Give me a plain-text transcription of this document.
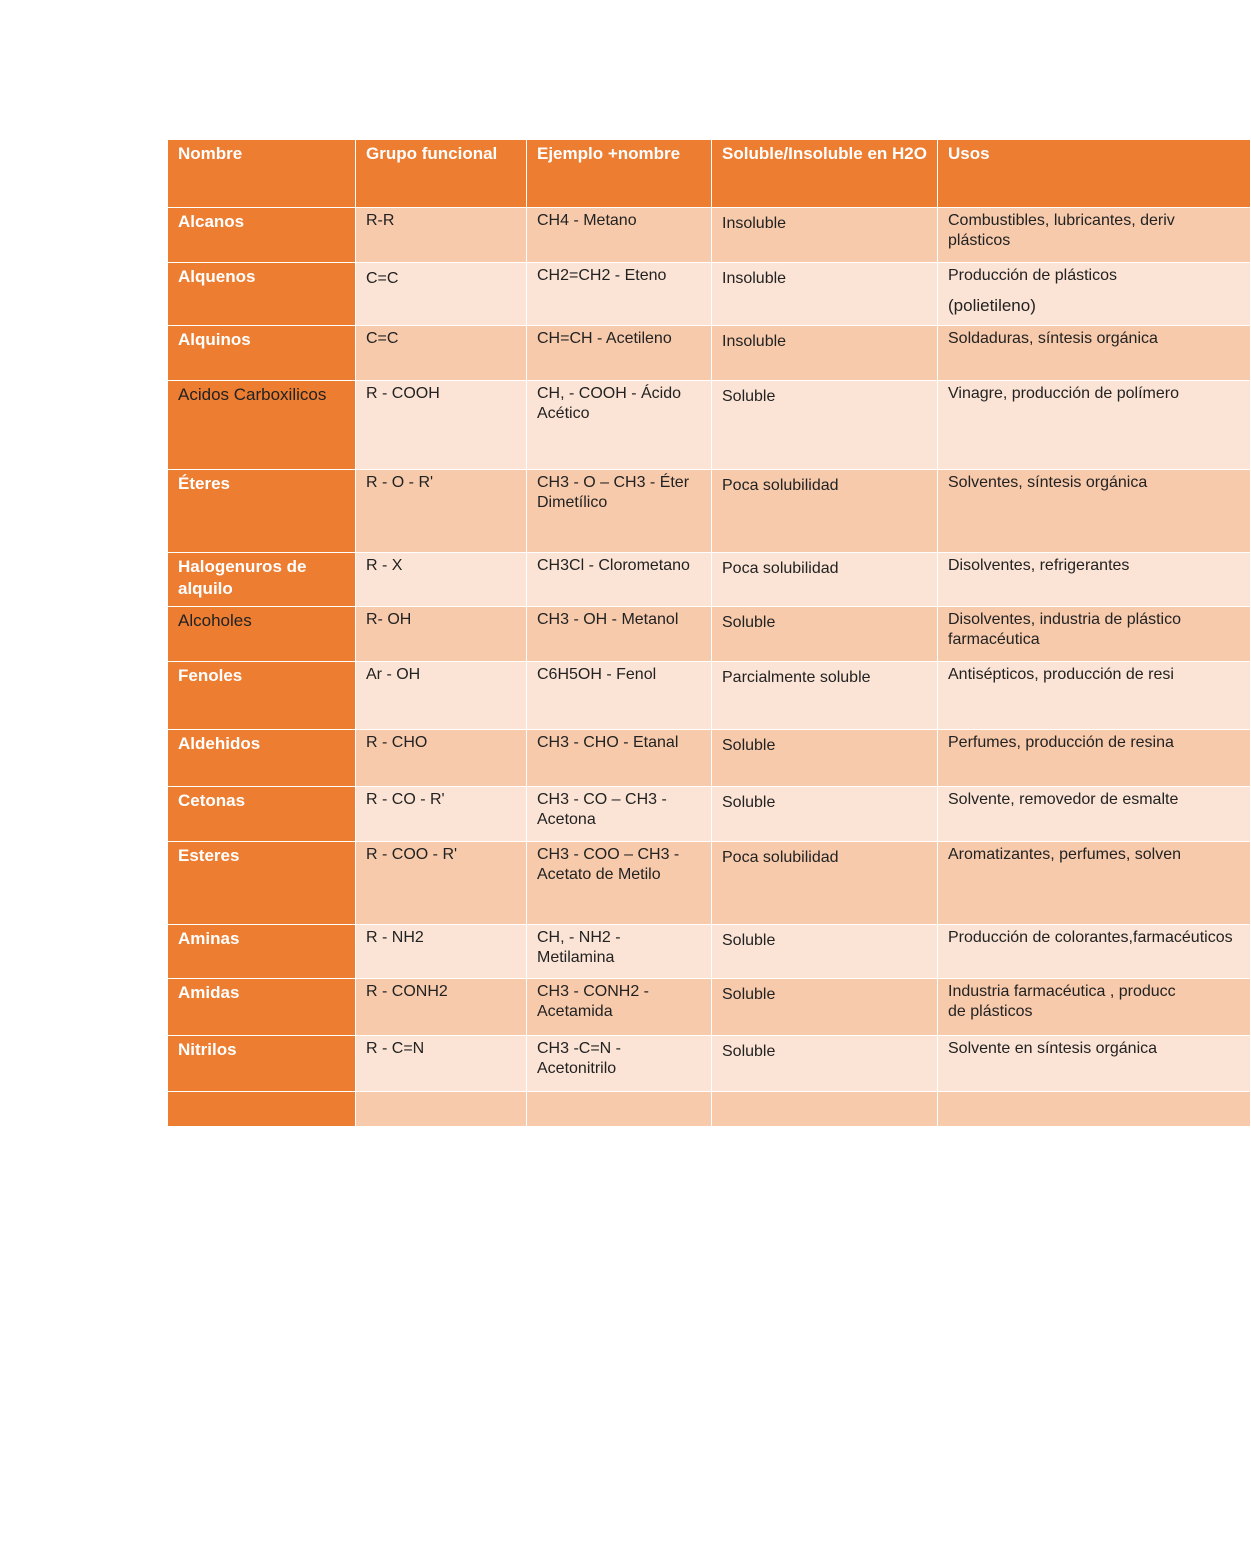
Nombre	Grupo funcional	Ejemplo +nombre	Soluble/Insoluble en H2O	Usos
Alcanos	R-R	CH4 - Metano	Insoluble	Combustibles, lubricantes, deriv
plásticos
Alquenos	C=C	CH2=CH2 - Eteno	Insoluble	Producción de plásticos
(polietileno)

Alquinos	C=C	CH=CH - Acetileno	Insoluble	Soldaduras, síntesis orgánica
Acidos Carboxilicos	R - COOH	CH, - COOH - Ácido Acético	Soluble	Vinagre, producción de polímero
Éteres	R - O - R'	CH3 - O – CH3 - Éter Dimetílico	Poca solubilidad	Solventes, síntesis orgánica
Halogenuros de alquilo	R - X	CH3Cl - Clorometano	Poca solubilidad	Disolventes, refrigerantes
Alcoholes	R- OH	CH3 - OH - Metanol	Soluble	Disolventes, industria de plástico
farmacéutica
Fenoles	Ar - OH	C6H5OH - Fenol	Parcialmente soluble	Antisépticos, producción de resi
Aldehidos	R - CHO	CH3 - CHO - Etanal	Soluble	Perfumes, producción de resina
Cetonas	R - CO - R'	CH3 - CO – CH3 - Acetona	Soluble	Solvente, removedor de esmalte
Esteres	R - COO - R'	CH3 - COO – CH3 - Acetato de Metilo	Poca solubilidad	Aromatizantes, perfumes, solven
Aminas	R - NH2	CH, - NH2 - Metilamina	Soluble	Producción de colorantes,farmacéuticos
Amidas	R - CONH2	CH3 - CONH2 - Acetamida	Soluble	Industria farmacéutica , producc
de plásticos
Nitrilos	R - C=N	CH3 -C=N - Acetonitrilo	Soluble	Solvente en síntesis orgánica
